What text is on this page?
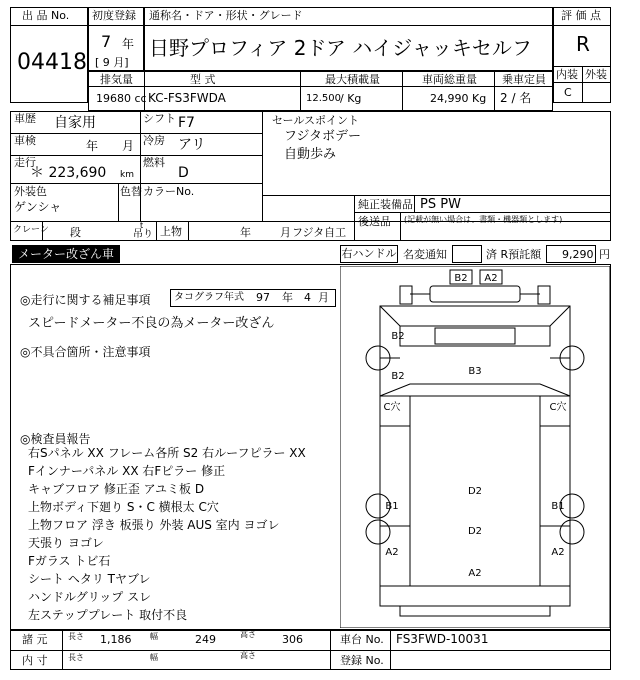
出 品 No.
04418
初度登録
7 年
[ 9 月]
通称名・ドア・形状・グレード
日野プロフィア 2ドア ハイジャッキセルフ
評 価 点
R
内装 外装
C
排気量	型 式	最大積載量	車両総重量 乗車定員
19680 cc KC-FS3FWDA	12.500 / Kg	24,990 Kg 2 / 名
車歴 自家用	シフト F7
車検	年 月 冷房 アリ
走行
＊ 223,690 km
燃料
D
外装色
ゲンシャ
色替 カラーNo.
セールスポイント
フジタボデー
自動歩み
純正装備品 PS PW
後送品 (記載が無い場合は、書類・機器類とします)
クレーン 段
t
吊り 上物	年	月 フジタ自工
メーター改ざん車	右ハンドル 名変通知	済 R預託額 9,290 円
◎走行に関する補足事項 タコグラフ年式 97 年 4 月
スピードメーター不良の為メーター改ざん
◎不具合箇所・注意事項
◎検査員報告
右Sパネル XX フレーム各所 S2 右ルーフピラー XX
Fインナーパネル XX 右Fピラー 修正
キャブフロア 修正歪 アユミ板 D
上物ボディ下廻り S・C 横根太 C穴
上物フロア 浮き 板張り 外装 AUS 室内 ヨゴレ
天張り ヨゴレ
Fガラス トビ石
シート ヘタリ Tヤブレ
ハンドルグリップ スレ
左ステッププレート 取付不良
B2 A2
B2
B3
B2
C穴	C穴
D2
D2
B1	B1
A2	A2
A2
諸 元	長さ 1,186 幅	249	高さ 306	車台 No. FS3FWD-10031
内 寸	長さ	幅	高さ	登録 No.
